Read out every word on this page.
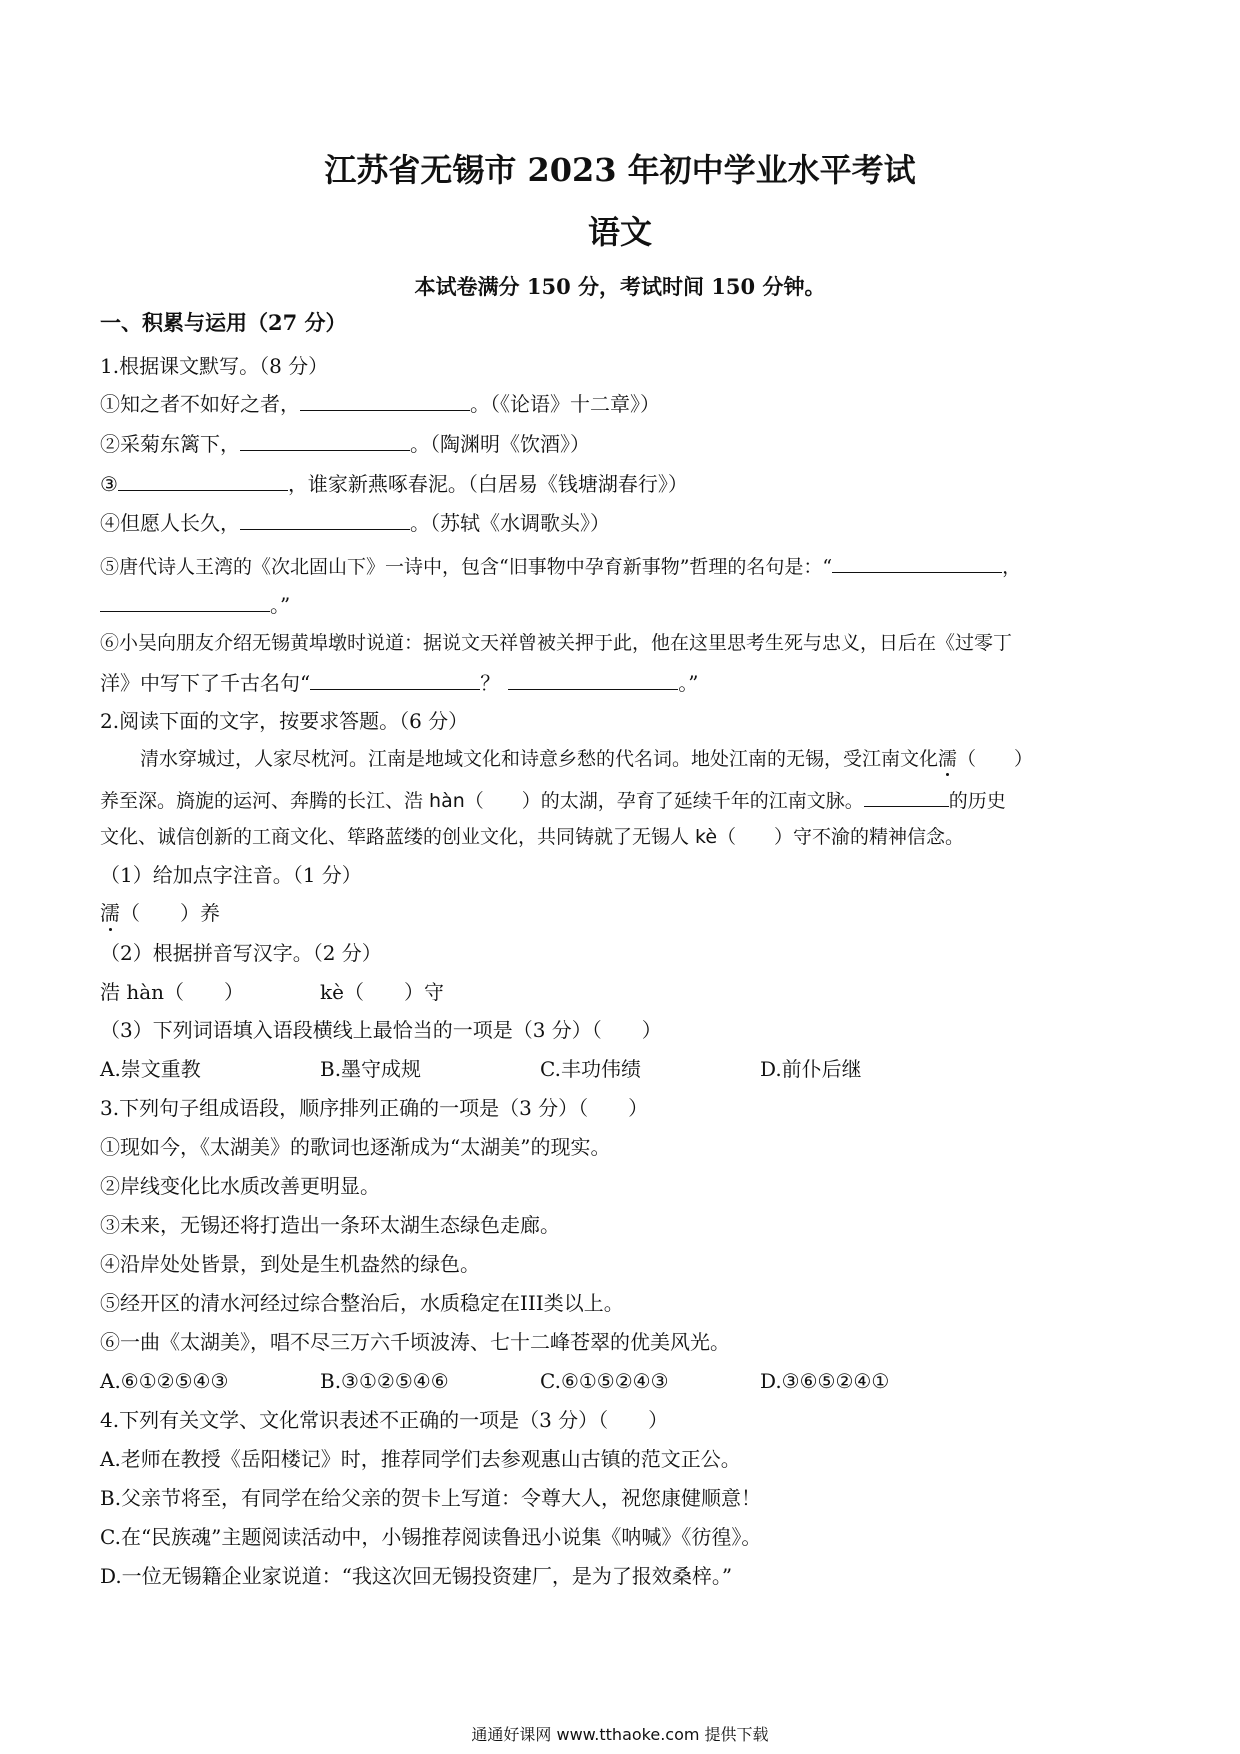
江苏省无锡市 2023 年初中学业水平考试
语文
本试卷满分 150 分，考试时间 150 分钟。
一、积累与运用（27 分）
1.根据课文默写。（8 分）
①知之者不如好之者，	。（《论语》十二章》）
②采菊东篱下，	。（陶渊明《饮酒》）
③	，谁家新燕啄春泥。（白居易《钱塘湖春行》）
④但愿人长久，	。（苏轼《水调歌头》）
⑤唐代诗人王湾的《次北固山下》一诗中，包含“旧事物中孕育新事物”哲理的名句是：“	，
。”
⑥小吴向朋友介绍无锡黄埠墩时说道：据说文天祥曾被关押于此，他在这里思考生死与忠义，日后在《过零丁
洋》中写下了千古名句“	？	。”
2.阅读下面的文字，按要求答题。（6 分）
清水穿城过，人家尽枕河。江南是地域文化和诗意乡愁的代名词。地处江南的无锡，受江南文化濡（　　）
养至深。旖旎的运河、奔腾的长江、浩 hàn（　　）的太湖，孕育了延续千年的江南文脉。	的历史
文化、诚信创新的工商文化、筚路蓝缕的创业文化，共同铸就了无锡人 kè（　　）守不渝的精神信念。
（1）给加点字注音。（1 分）
濡（　　）养
（2）根据拼音写汉字。（2 分）
浩 hàn（　　）	kè（　　）守
（3）下列词语填入语段横线上最恰当的一项是（3 分）（　　）
A.崇文重教	B.墨守成规	C.丰功伟绩	D.前仆后继
3.下列句子组成语段，顺序排列正确的一项是（3 分）（　　）
①现如今，《太湖美》的歌词也逐渐成为“太湖美”的现实。
②岸线变化比水质改善更明显。
③未来，无锡还将打造出一条环太湖生态绿色走廊。
④沿岸处处皆景，到处是生机盎然的绿色。
⑤经开区的清水河经过综合整治后，水质稳定在III类以上。
⑥一曲《太湖美》，唱不尽三万六千顷波涛、七十二峰苍翠的优美风光。
A.⑥①②⑤④③	B.③①②⑤④⑥	C.⑥①⑤②④③	D.③⑥⑤②④①
4.下列有关文学、文化常识表述不正确的一项是（3 分）（　　）
A.老师在教授《岳阳楼记》时，推荐同学们去参观惠山古镇的范文正公。
B.父亲节将至，有同学在给父亲的贺卡上写道：令尊大人，祝您康健顺意！
C.在“民族魂”主题阅读活动中，小锡推荐阅读鲁迅小说集《呐喊》《彷徨》。
D.一位无锡籍企业家说道：“我这次回无锡投资建厂，是为了报效桑梓。”
通通好课网 www.tthaoke.com 提供下载
